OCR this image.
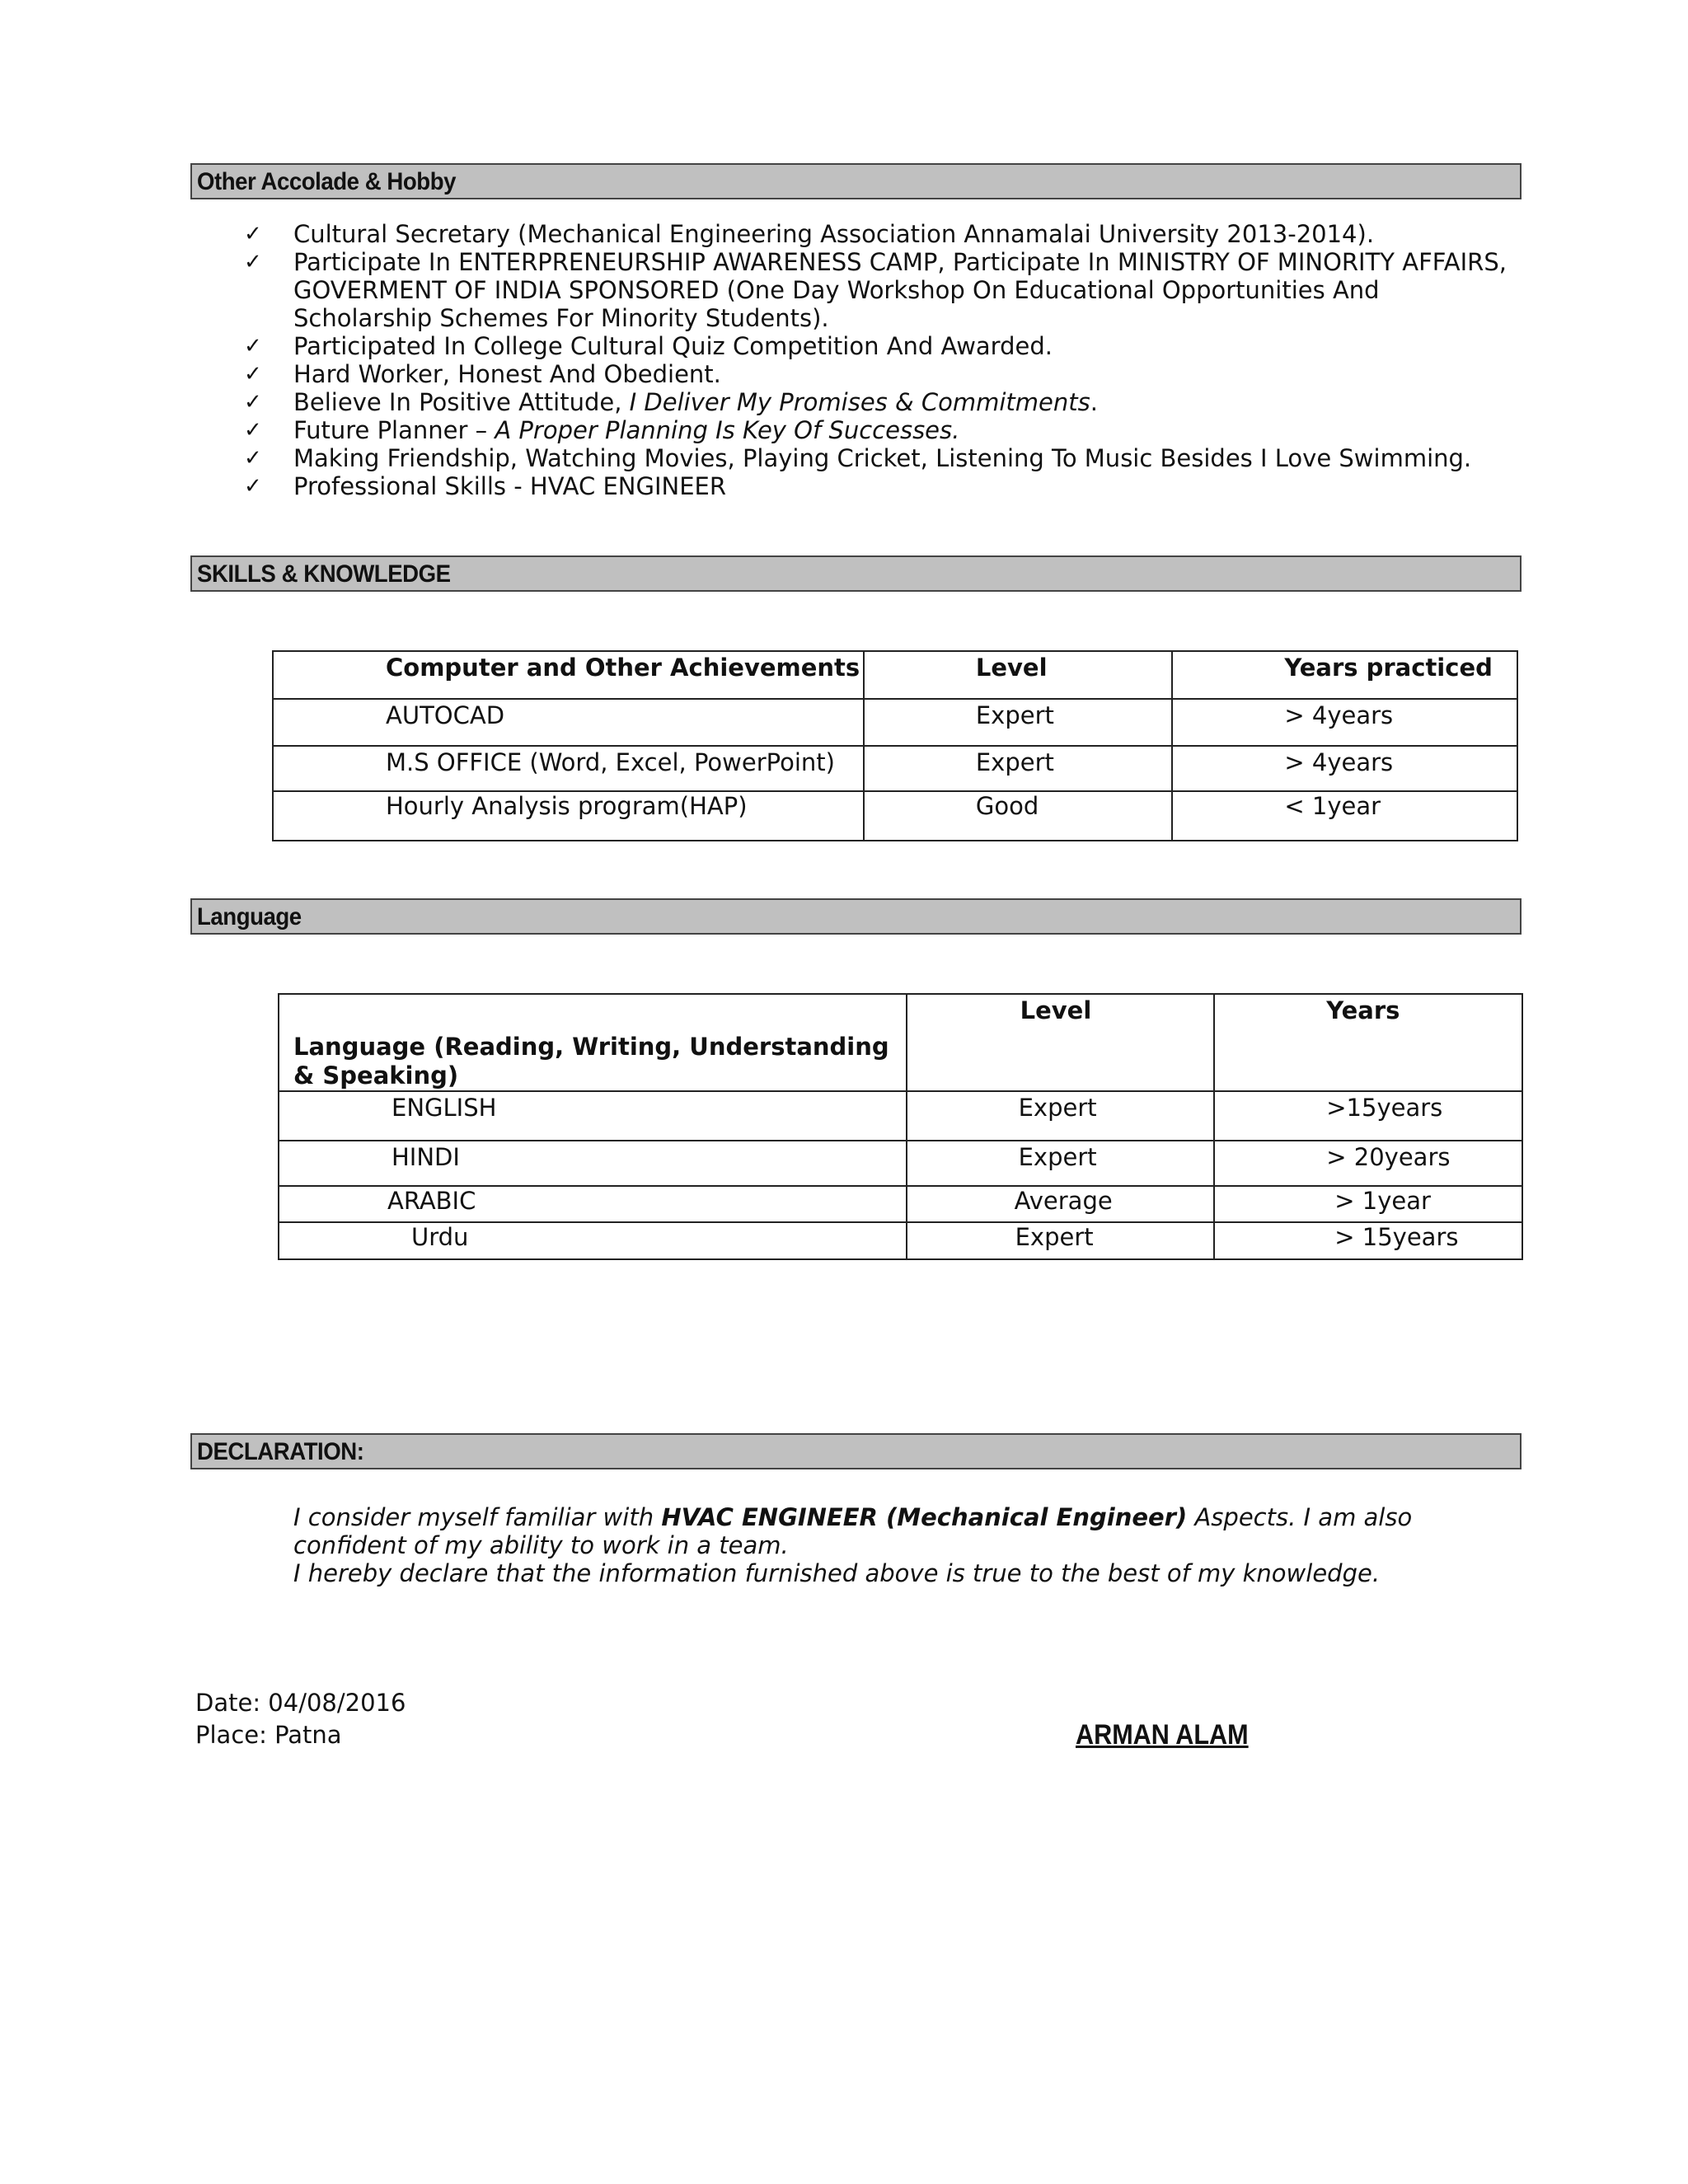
Other Accolade & Hobby
✓ Cultural Secretary (Mechanical Engineering Association Annamalai University 2013-2014).
✓ Participate In ENTERPRENEURSHIP AWARENESS CAMP, Participate In MINISTRY OF MINORITY AFFAIRS, GOVERMENT OF INDIA SPONSORED (One Day Workshop On Educational Opportunities And Scholarship Schemes For Minority Students).
✓ Participated In College Cultural Quiz Competition And Awarded.
✓ Hard Worker, Honest And Obedient.
✓ Believe In Positive Attitude, I Deliver My Promises & Commitments.
✓ Future Planner – A Proper Planning Is Key Of Successes.
✓ Making Friendship, Watching Movies, Playing Cricket, Listening To Music Besides I Love Swimming.
✓ Professional Skills - HVAC ENGINEER
SKILLS & KNOWLEDGE
Computer and Other Achievements	Level	Years practiced
AUTOCAD	Expert	> 4years
M.S OFFICE (Word, Excel, PowerPoint)	Expert	> 4years
Hourly Analysis program(HAP)	Good	< 1year
Language
Language (Reading, Writing, Understanding & Speaking)	Level	Years
ENGLISH	Expert	>15years
HINDI	Expert	> 20years
ARABIC	Average	> 1year
Urdu	Expert	> 15years
DECLARATION:
I consider myself familiar with HVAC ENGINEER (Mechanical Engineer) Aspects. I am also confident of my ability to work in a team.
I hereby declare that the information furnished above is true to the best of my knowledge.
Date: 04/08/2016
Place: Patna	ARMAN ALAM
